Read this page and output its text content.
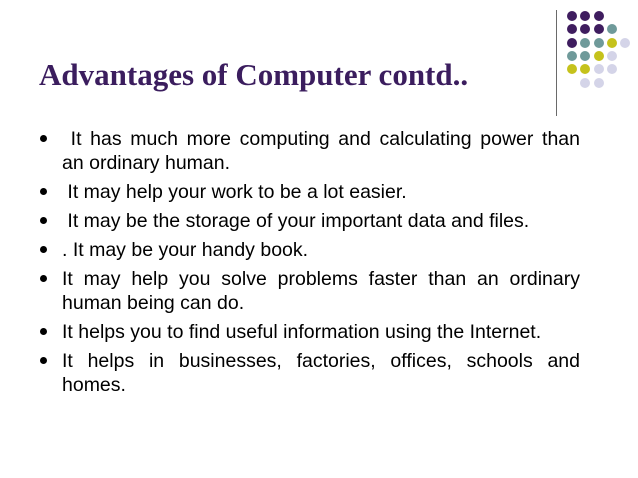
Advantages of Computer contd..
It has much more computing and calculating power than    an ordinary human.
It may help your work to be a lot easier.
It may be the storage of your important data and files.
. It may be your handy book.
It may help you solve problems faster than an ordinary human being can do.
It helps you to find useful information using the Internet.
It helps in businesses, factories, offices, schools and homes.
